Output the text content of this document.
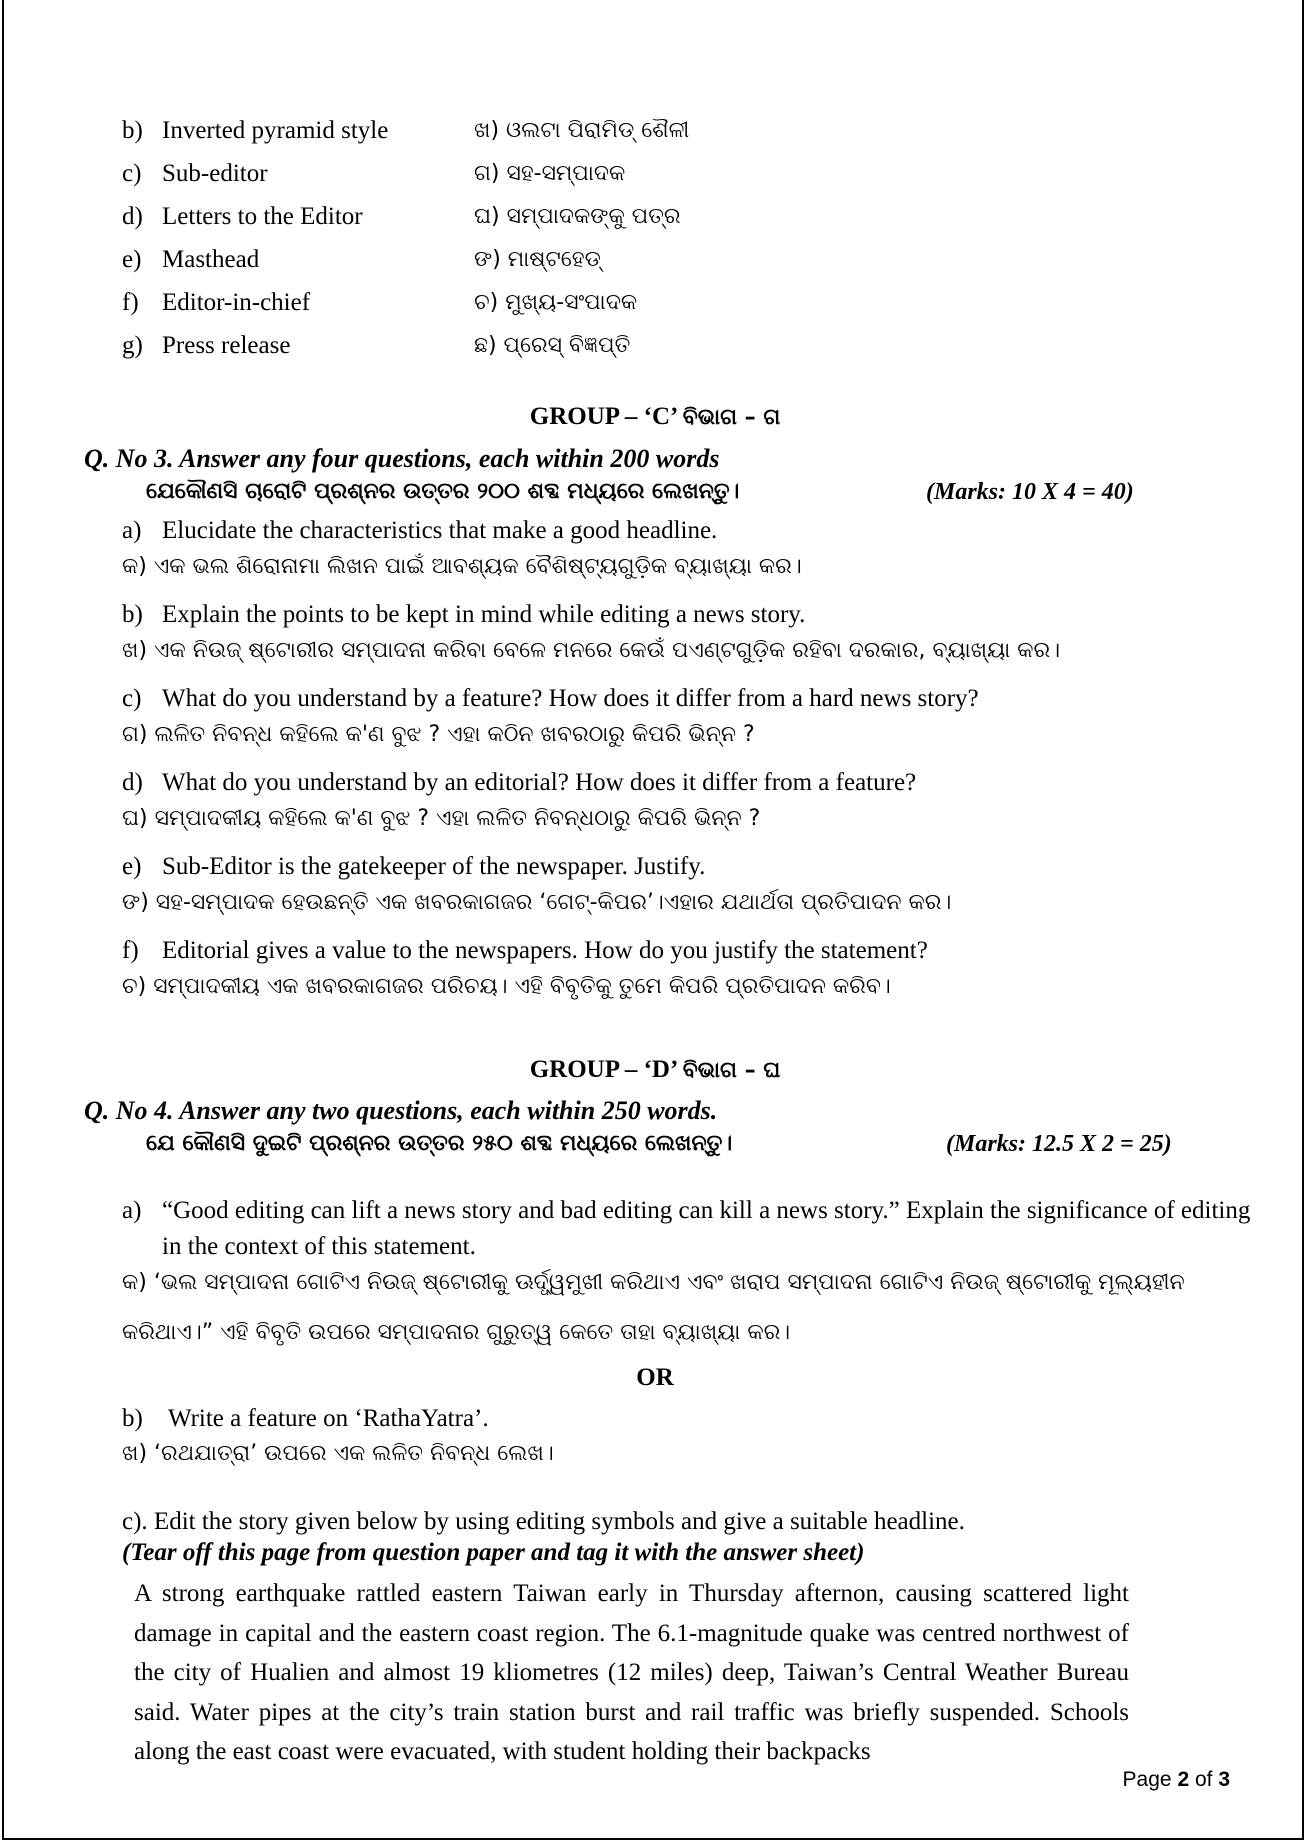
b) Inverted pyramid style	ଖ) ଓଲଟା ପିରାମିଡ୍ ଶୈଳୀ
c) Sub-editor	ଗ) ସହ-ସମ୍ପାଦକ
d) Letters to the Editor	ଘ) ସମ୍ପାଦକଙ୍କୁ ପତ୍ର
e) Masthead	ଙ) ମାଷ୍ଟହେଡ୍
f) Editor-in-chief	ଚ) ମୁଖ୍ୟ-ସଂପାଦକ
g) Press release	ଛ) ପ୍ରେସ୍ ବିଜ୍ଞପ୍ତି
GROUP – ‘C’ ବିଭାଗ – ଗ
Q. No 3. Answer any four questions, each within 200 words
ଯେକୌଣସି ଚାରୋଟି ପ୍ରଶ୍ନର ଉତ୍ତର ୨୦୦ ଶବ୍ଦ ମଧ୍ୟରେ ଲେଖନ୍ତୁ।	(Marks: 10 X 4 = 40)
a) Elucidate the characteristics that make a good headline.
କ) ଏକ ଭଲ ଶିରୋନାମା ଲିଖନ ପାଇଁ ଆବଶ୍ୟକ ବୈଶିଷ୍ଟ୍ୟଗୁଡ଼ିକ ବ୍ୟାଖ୍ୟା କର।
b) Explain the points to be kept in mind while editing a news story.
ଖ) ଏକ ନିଉଜ୍ ଷ୍ଟୋରୀର ସମ୍ପାଦନା କରିବା ବେଳେ ମନରେ କେଉଁ ପଏଣ୍ଟଗୁଡ଼ିକ ରହିବା ଦରକାର, ବ୍ୟାଖ୍ୟା କର।
c) What do you understand by a feature? How does it differ from a hard news story?
ଗ) ଲଳିତ ନିବନ୍ଧ କହିଲେ କ'ଣ ବୁଝ ? ଏହା କଠିନ ଖବରଠାରୁ କିପରି ଭିନ୍ନ ?
d) What do you understand by an editorial? How does it differ from a feature?
ଘ) ସମ୍ପାଦକୀୟ କହିଲେ କ'ଣ ବୁଝ ? ଏହା ଲଳିତ ନିବନ୍ଧଠାରୁ କିପରି ଭିନ୍ନ ?
e) Sub-Editor is the gatekeeper of the newspaper. Justify.
ଙ) ସହ-ସମ୍ପାଦକ ହେଉଛନ୍ତି ଏକ ଖବରକାଗଜର ‘ଗେଟ୍-କିପର’।ଏହାର ଯଥାର୍ଥତା ପ୍ରତିପାଦନ କର।
f) Editorial gives a value to the newspapers. How do you justify the statement?
ଚ) ସମ୍ପାଦକୀୟ ଏକ ଖବରକାଗଜର ପରିଚୟ। ଏହି ବିବୃତିକୁ ତୁମେ କିପରି ପ୍ରତିପାଦନ କରିବ।
GROUP – ‘D’ ବିଭାଗ – ଘ
Q. No 4. Answer any two questions, each within 250 words.
ଯେ କୌଣସି ଦୁଇଟି ପ୍ରଶ୍ନର ଉତ୍ତର ୨୫୦ ଶବ୍ଦ ମଧ୍ୟରେ ଲେଖନ୍ତୁ।	(Marks: 12.5 X 2 = 25)
a) “Good editing can lift a news story and bad editing can kill a news story.” Explain the significance of editing in the context of this statement.
କ) ‘ଭଲ ସମ୍ପାଦନା ଗୋଟିଏ ନିଉଜ୍ ଷ୍ଟୋରୀକୁ ଊର୍ଦ୍ଧ୍ୱମୁଖୀ କରିଥାଏ ଏବଂ ଖରାପ ସମ୍ପାଦନା ଗୋଟିଏ ନିଉଜ୍ ଷ୍ଟୋରୀକୁ ମୂଲ୍ୟହୀନ
କରିଥାଏ।” ଏହି ବିବୃତି ଉପରେ ସମ୍ପାଦନାର ଗୁରୁତ୍ୱ କେତେ ତାହା ବ୍ୟାଖ୍ୟା କର।
OR
b) Write a feature on ‘RathaYatra’.
ଖ) ‘ରଥଯାତ୍ରା’ ଉପରେ ଏକ ଲଳିତ ନିବନ୍ଧ ଲେଖ।
c). Edit the story given below by using editing symbols and give a suitable headline.
(Tear off this page from question paper and tag it with the answer sheet)
A strong earthquake rattled eastern Taiwan early in Thursday afternon, causing scattered light damage in capital and the eastern coast region. The 6.1-magnitude quake was centred northwest of the city of Hualien and almost 19 kliometres (12 miles) deep, Taiwan’s Central Weather Bureau said. Water pipes at the city’s train station burst and rail traffic was briefly suspended. Schools along the east coast were evacuated, with student holding their backpacks
Page 2 of 3
